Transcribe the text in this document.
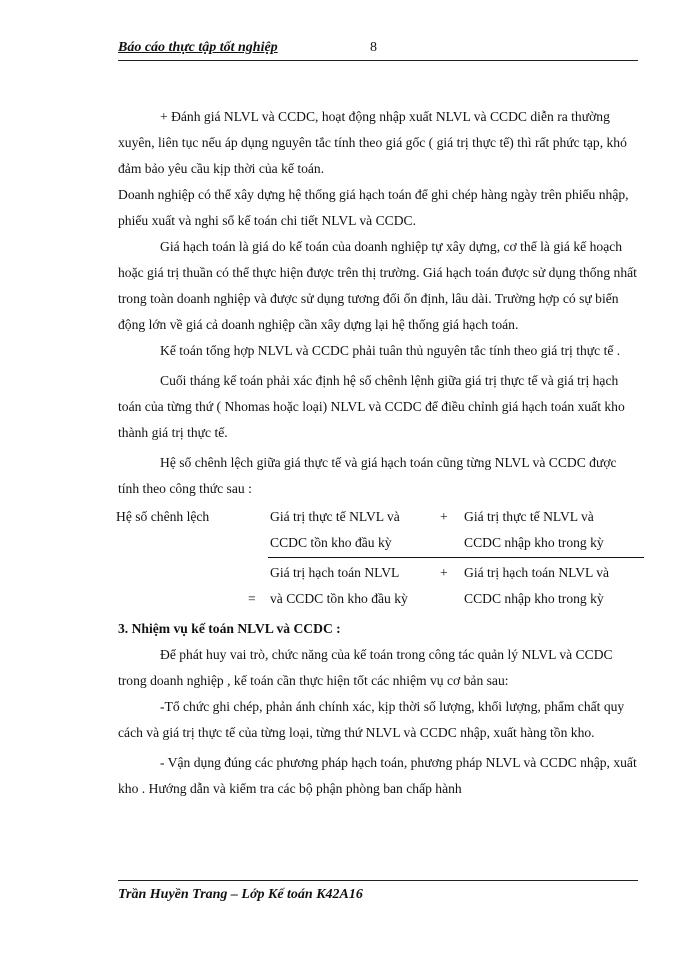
Báo cáo thực tập tốt nghiệp	8

+ Đánh giá NLVL và CCDC, hoạt động nhập xuất NLVL và CCDC diễn ra thường xuyên, liên tục nếu áp dụng nguyên tắc tính theo giá gốc ( giá trị thực tế) thì rất phức tạp, khó đảm bảo yêu cầu kịp thời của kế toán.

Doanh nghiệp có thể xây dựng hệ thống giá hạch toán để ghi chép hàng ngày trên phiếu nhập, phiếu xuất và nghi sổ kế toán chi tiết NLVL và CCDC.

Giá hạch toán là giá do kế toán của doanh nghiệp tự xây dựng, cơ thể là giá kế hoạch hoặc giá trị thuần có thể thực hiện được trên thị trường. Giá hạch toán được sử dụng thống nhất trong toàn doanh nghiệp và được sử dụng tương đối ổn định, lâu dài. Trường hợp có sự biến động lớn về giá cả doanh nghiệp cần xây dựng lại hệ thống giá hạch toán.

Kế toán tổng hợp NLVL và CCDC phải tuân thủ nguyên tắc tính theo giá trị thực tế .

Cuối tháng kế toán phải xác định hệ số chênh lệnh giữa giá trị thực tế và giá trị hạch toán của từng thứ ( Nhomas hoặc loại) NLVL và CCDC để điều chỉnh giá hạch toán xuất kho thành giá trị thực tế.

Hệ số chênh lệch giữa giá thực tế và giá hạch toán cũng từng NLVL và CCDC được tính theo công thức sau :

Hệ số chênh lệch	Giá trị thực tế NLVL và
CCDC tồn kho đầu kỳ
+ Giá trị thực tế NLVL và
CCDC nhập kho trong kỳ
Giá trị hạch toán NLVL	+ Giá trị hạch toán NLVL và
= và CCDC tồn kho đầu kỳ	CCDC nhập kho trong kỳ

3. Nhiệm vụ kế toán NLVL và CCDC :

Để phát huy vai trò, chức năng của kế toán trong công tác quản lý NLVL và CCDC trong doanh nghiệp , kế toán cần thực hiện tốt các nhiệm vụ cơ bản sau:

-Tổ chức ghi chép, phản ánh chính xác, kịp thời số lượng, khối lượng, phẩm chất quy cách và giá trị thực tế của từng loại, từng thứ NLVL và CCDC nhập, xuất hàng tồn kho.

- Vận dụng đúng các phương pháp hạch toán, phương pháp NLVL và CCDC nhập, xuất kho . Hướng dẫn và kiểm tra các bộ phận phòng ban chấp hành

Trần Huyền Trang – Lớp Kế toán K42A16
